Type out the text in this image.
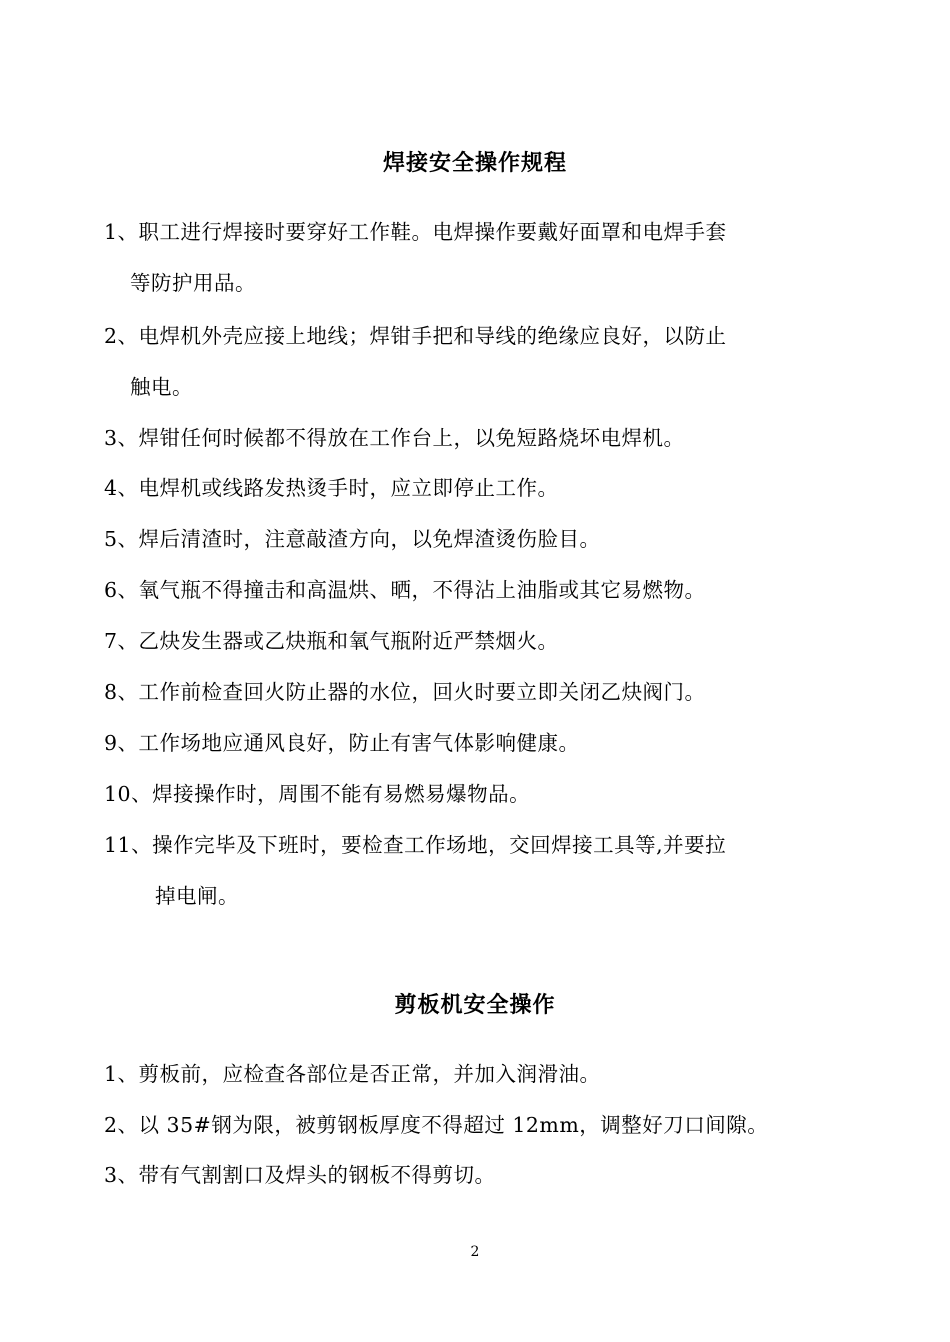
焊接安全操作规程
1、职工进行焊接时要穿好工作鞋。电焊操作要戴好面罩和电焊手套
等防护用品。
2、电焊机外壳应接上地线；焊钳手把和导线的绝缘应良好，以防止
触电。
3、焊钳任何时候都不得放在工作台上，以免短路烧坏电焊机。
4、电焊机或线路发热烫手时，应立即停止工作。
5、焊后清渣时，注意敲渣方向，以免焊渣烫伤脸目。
6、氧气瓶不得撞击和高温烘、晒，不得沾上油脂或其它易燃物。
7、乙炔发生器或乙炔瓶和氧气瓶附近严禁烟火。
8、工作前检查回火防止器的水位，回火时要立即关闭乙炔阀门。
9、工作场地应通风良好，防止有害气体影响健康。
10、焊接操作时，周围不能有易燃易爆物品。
11、操作完毕及下班时，要检查工作场地，交回焊接工具等,并要拉
掉电闸。
剪板机安全操作
1、剪板前，应检查各部位是否正常，并加入润滑油。
2、以 35#钢为限，被剪钢板厚度不得超过 12mm，调整好刀口间隙。
3、带有气割割口及焊头的钢板不得剪切。
2
